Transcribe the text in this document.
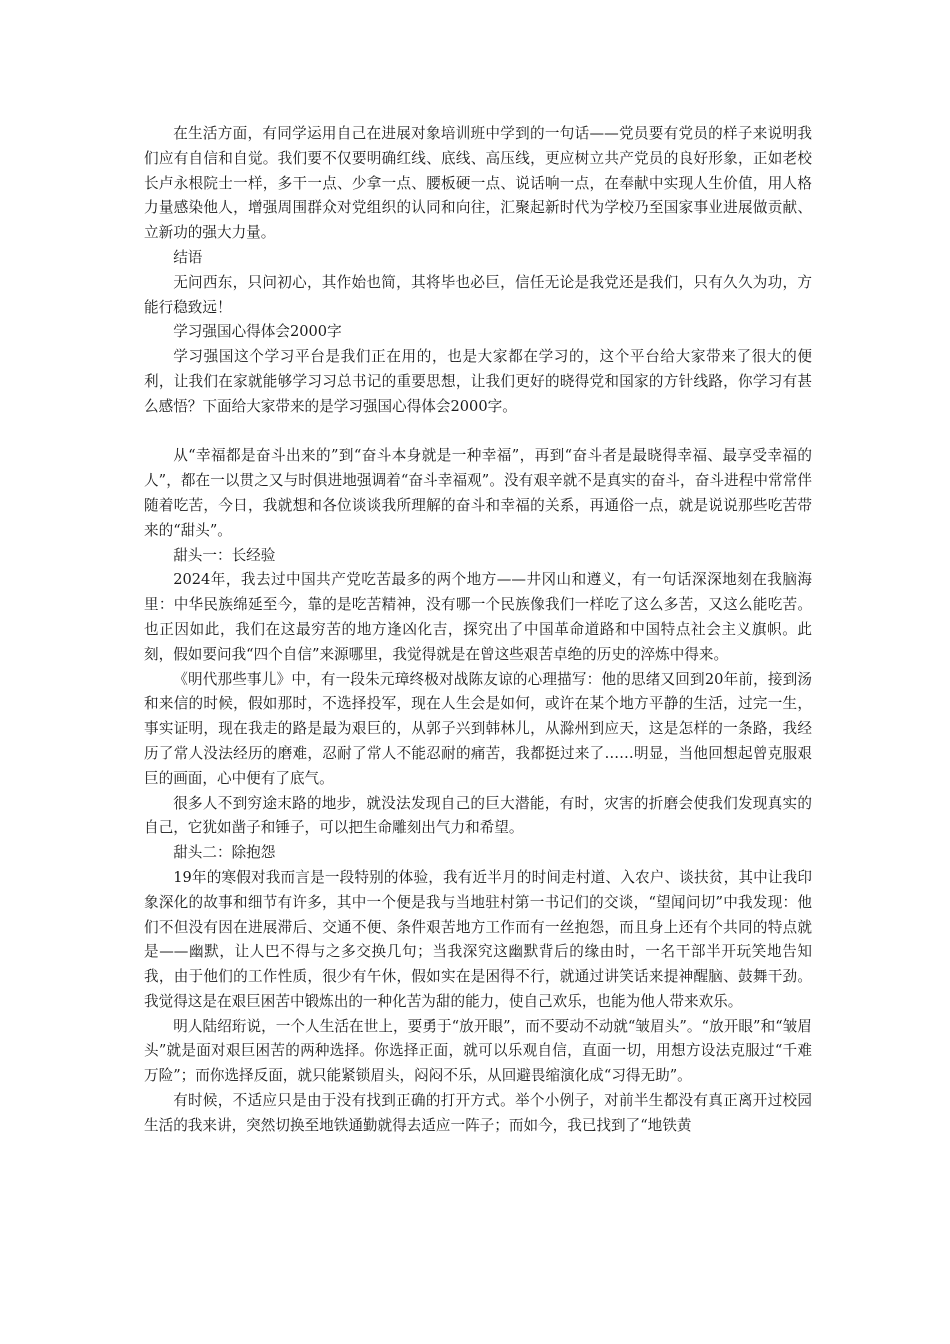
在生活方面，有同学运用自己在进展对象培训班中学到的一句话——党员要有党员的样子来说明我们应有自信和自觉。我们要不仅要明确红线、底线、高压线，更应树立共产党员的良好形象，正如老校长卢永根院士一样，多干一点、少拿一点、腰板硬一点、说话响一点，在奉献中实现人生价值，用人格力量感染他人，增强周围群众对党组织的认同和向往，汇聚起新时代为学校乃至国家事业进展做贡献、立新功的强大力量。

结语

无问西东，只问初心，其作始也简，其将毕也必巨，信任无论是我党还是我们，只有久久为功，方能行稳致远！

学习强国心得体会2000字

学习强国这个学习平台是我们正在用的，也是大家都在学习的，这个平台给大家带来了很大的便利，让我们在家就能够学习习总书记的重要思想，让我们更好的晓得党和国家的方针线路，你学习有甚么感悟？下面给大家带来的是学习强国心得体会2000字。

从“幸福都是奋斗出来的”到“奋斗本身就是一种幸福”，再到“奋斗者是最晓得幸福、最享受幸福的人”，都在一以贯之又与时俱进地强调着“奋斗幸福观”。没有艰辛就不是真实的奋斗，奋斗进程中常常伴随着吃苦，今日，我就想和各位谈谈我所理解的奋斗和幸福的关系，再通俗一点，就是说说那些吃苦带来的“甜头”。

甜头一：长经验

2024年，我去过中国共产党吃苦最多的两个地方——井冈山和遵义，有一句话深深地刻在我脑海里：中华民族绵延至今，靠的是吃苦精神，没有哪一个民族像我们一样吃了这么多苦，又这么能吃苦。也正因如此，我们在这最穷苦的地方逢凶化吉，探究出了中国革命道路和中国特点社会主义旗帜。此刻，假如要问我“四个自信”来源哪里，我觉得就是在曾这些艰苦卓绝的历史的淬炼中得来。

《明代那些事儿》中，有一段朱元璋终极对战陈友谅的心理描写：他的思绪又回到20年前，接到汤和来信的时候，假如那时，不选择投军，现在人生会是如何，或许在某个地方平静的生活，过完一生，事实证明，现在我走的路是最为艰巨的，从郭子兴到韩林儿，从滁州到应天，这是怎样的一条路，我经历了常人没法经历的磨难，忍耐了常人不能忍耐的痛苦，我都挺过来了……明显，当他回想起曾克服艰巨的画面，心中便有了底气。

很多人不到穷途末路的地步，就没法发现自己的巨大潜能，有时，灾害的折磨会使我们发现真实的自己，它犹如凿子和锤子，可以把生命雕刻出气力和希望。

甜头二：除抱怨

19年的寒假对我而言是一段特别的体验，我有近半月的时间走村道、入农户、谈扶贫，其中让我印象深化的故事和细节有许多，其中一个便是我与当地驻村第一书记们的交谈，“望闻问切”中我发现：他们不但没有因在进展滞后、交通不便、条件艰苦地方工作而有一丝抱怨，而且身上还有个共同的特点就是——幽默，让人巴不得与之多交换几句；当我深究这幽默背后的缘由时，一名干部半开玩笑地告知我，由于他们的工作性质，很少有午休，假如实在是困得不行，就通过讲笑话来提神醒脑、鼓舞干劲。我觉得这是在艰巨困苦中锻炼出的一种化苦为甜的能力，使自己欢乐，也能为他人带来欢乐。

明人陆绍珩说，一个人生活在世上，要勇于“放开眼”，而不要动不动就“皱眉头”。“放开眼”和“皱眉头”就是面对艰巨困苦的两种选择。你选择正面，就可以乐观自信，直面一切，用想方设法克服过“千难万险”；而你选择反面，就只能紧锁眉头，闷闷不乐，从回避畏缩演化成“习得无助”。

有时候，不适应只是由于没有找到正确的打开方式。举个小例子，对前半生都没有真正离开过校园生活的我来讲，突然切换至地铁通勤就得去适应一阵子；而如今，我已找到了“地铁黄
